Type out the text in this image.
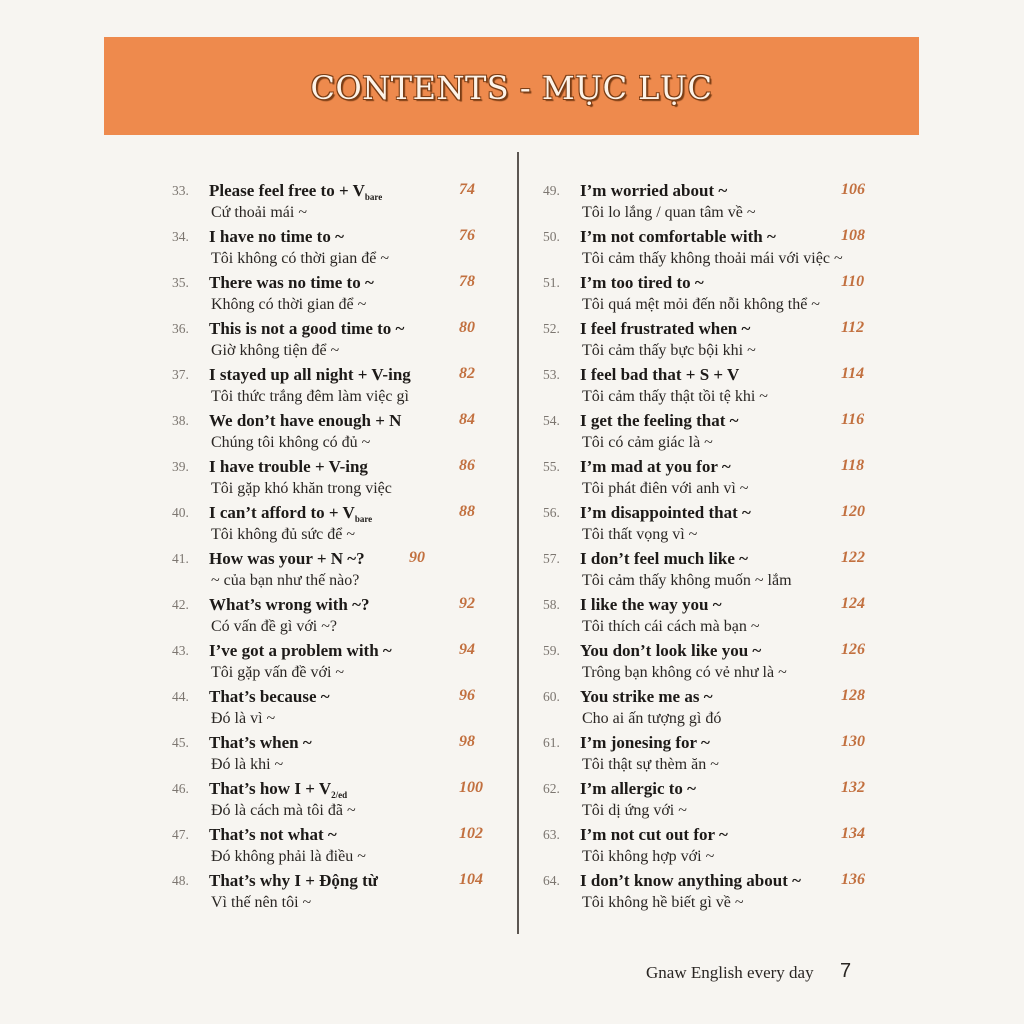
CONTENTS - MỤC LỤC
33. Please feel free to + $V_{bare}$
Cứ thoải mái ~
74
34. I have no time to ~
Tôi không có thời gian để ~
76
35. There was no time to ~
Không có thời gian để ~
78
36. This is not a good time to ~
Giờ không tiện để ~
80
37. I stayed up all night + V-ing
Tôi thức trắng đêm làm việc gì
82
38. We don’t have enough + N
Chúng tôi không có đủ ~
84
39. I have trouble + V-ing
Tôi gặp khó khăn trong việc
86
40. I can’t afford to + $V_{bare}$
Tôi không đủ sức để ~
88
41. How was your + N ~?
~ của bạn như thế nào?
90
42. What’s wrong with ~?
Có vấn đề gì với ~?
92
43. I’ve got a problem with ~
Tôi gặp vấn đề với ~
94
44. That’s because ~
Đó là vì ~
96
45. That’s when ~
Đó là khi ~
98
46. That’s how $I + V_{2/ed}$
Đó là cách mà tôi đã ~
100
47. That’s not what ~
Đó không phải là điều ~
102
48. That’s why I + Động từ
Vì thế nên tôi ~
104
49. I’m worried about ~
Tôi lo lắng / quan tâm về ~
106
50. I’m not comfortable with ~
Tôi cảm thấy không thoải mái với việc ~
108
51. I’m too tired to ~
Tôi quá mệt mỏi đến nỗi không thể ~
110
52. I feel frustrated when ~
Tôi cảm thấy bực bội khi ~
112
53. I feel bad that + S + V
Tôi cảm thấy thật tồi tệ khi ~
114
54. I get the feeling that ~
Tôi có cảm giác là ~
116
55. I’m mad at you for ~
Tôi phát điên với anh vì ~
118
56. I’m disappointed that ~
Tôi thất vọng vì ~
120
57. I don’t feel much like ~
Tôi cảm thấy không muốn ~ lắm
122
58. I like the way you ~
Tôi thích cái cách mà bạn ~
124
59. You don’t look like you ~
Trông bạn không có vẻ như là ~
126
60. You strike me as ~
Cho ai ấn tượng gì đó
128
61. I’m jonesing for ~
Tôi thật sự thèm ăn ~
130
62. I’m allergic to ~
Tôi dị ứng với ~
132
63. I’m not cut out for ~
Tôi không hợp với ~
134
64. I don’t know anything about ~
Tôi không hề biết gì về ~
136
Gnaw English every day 7
